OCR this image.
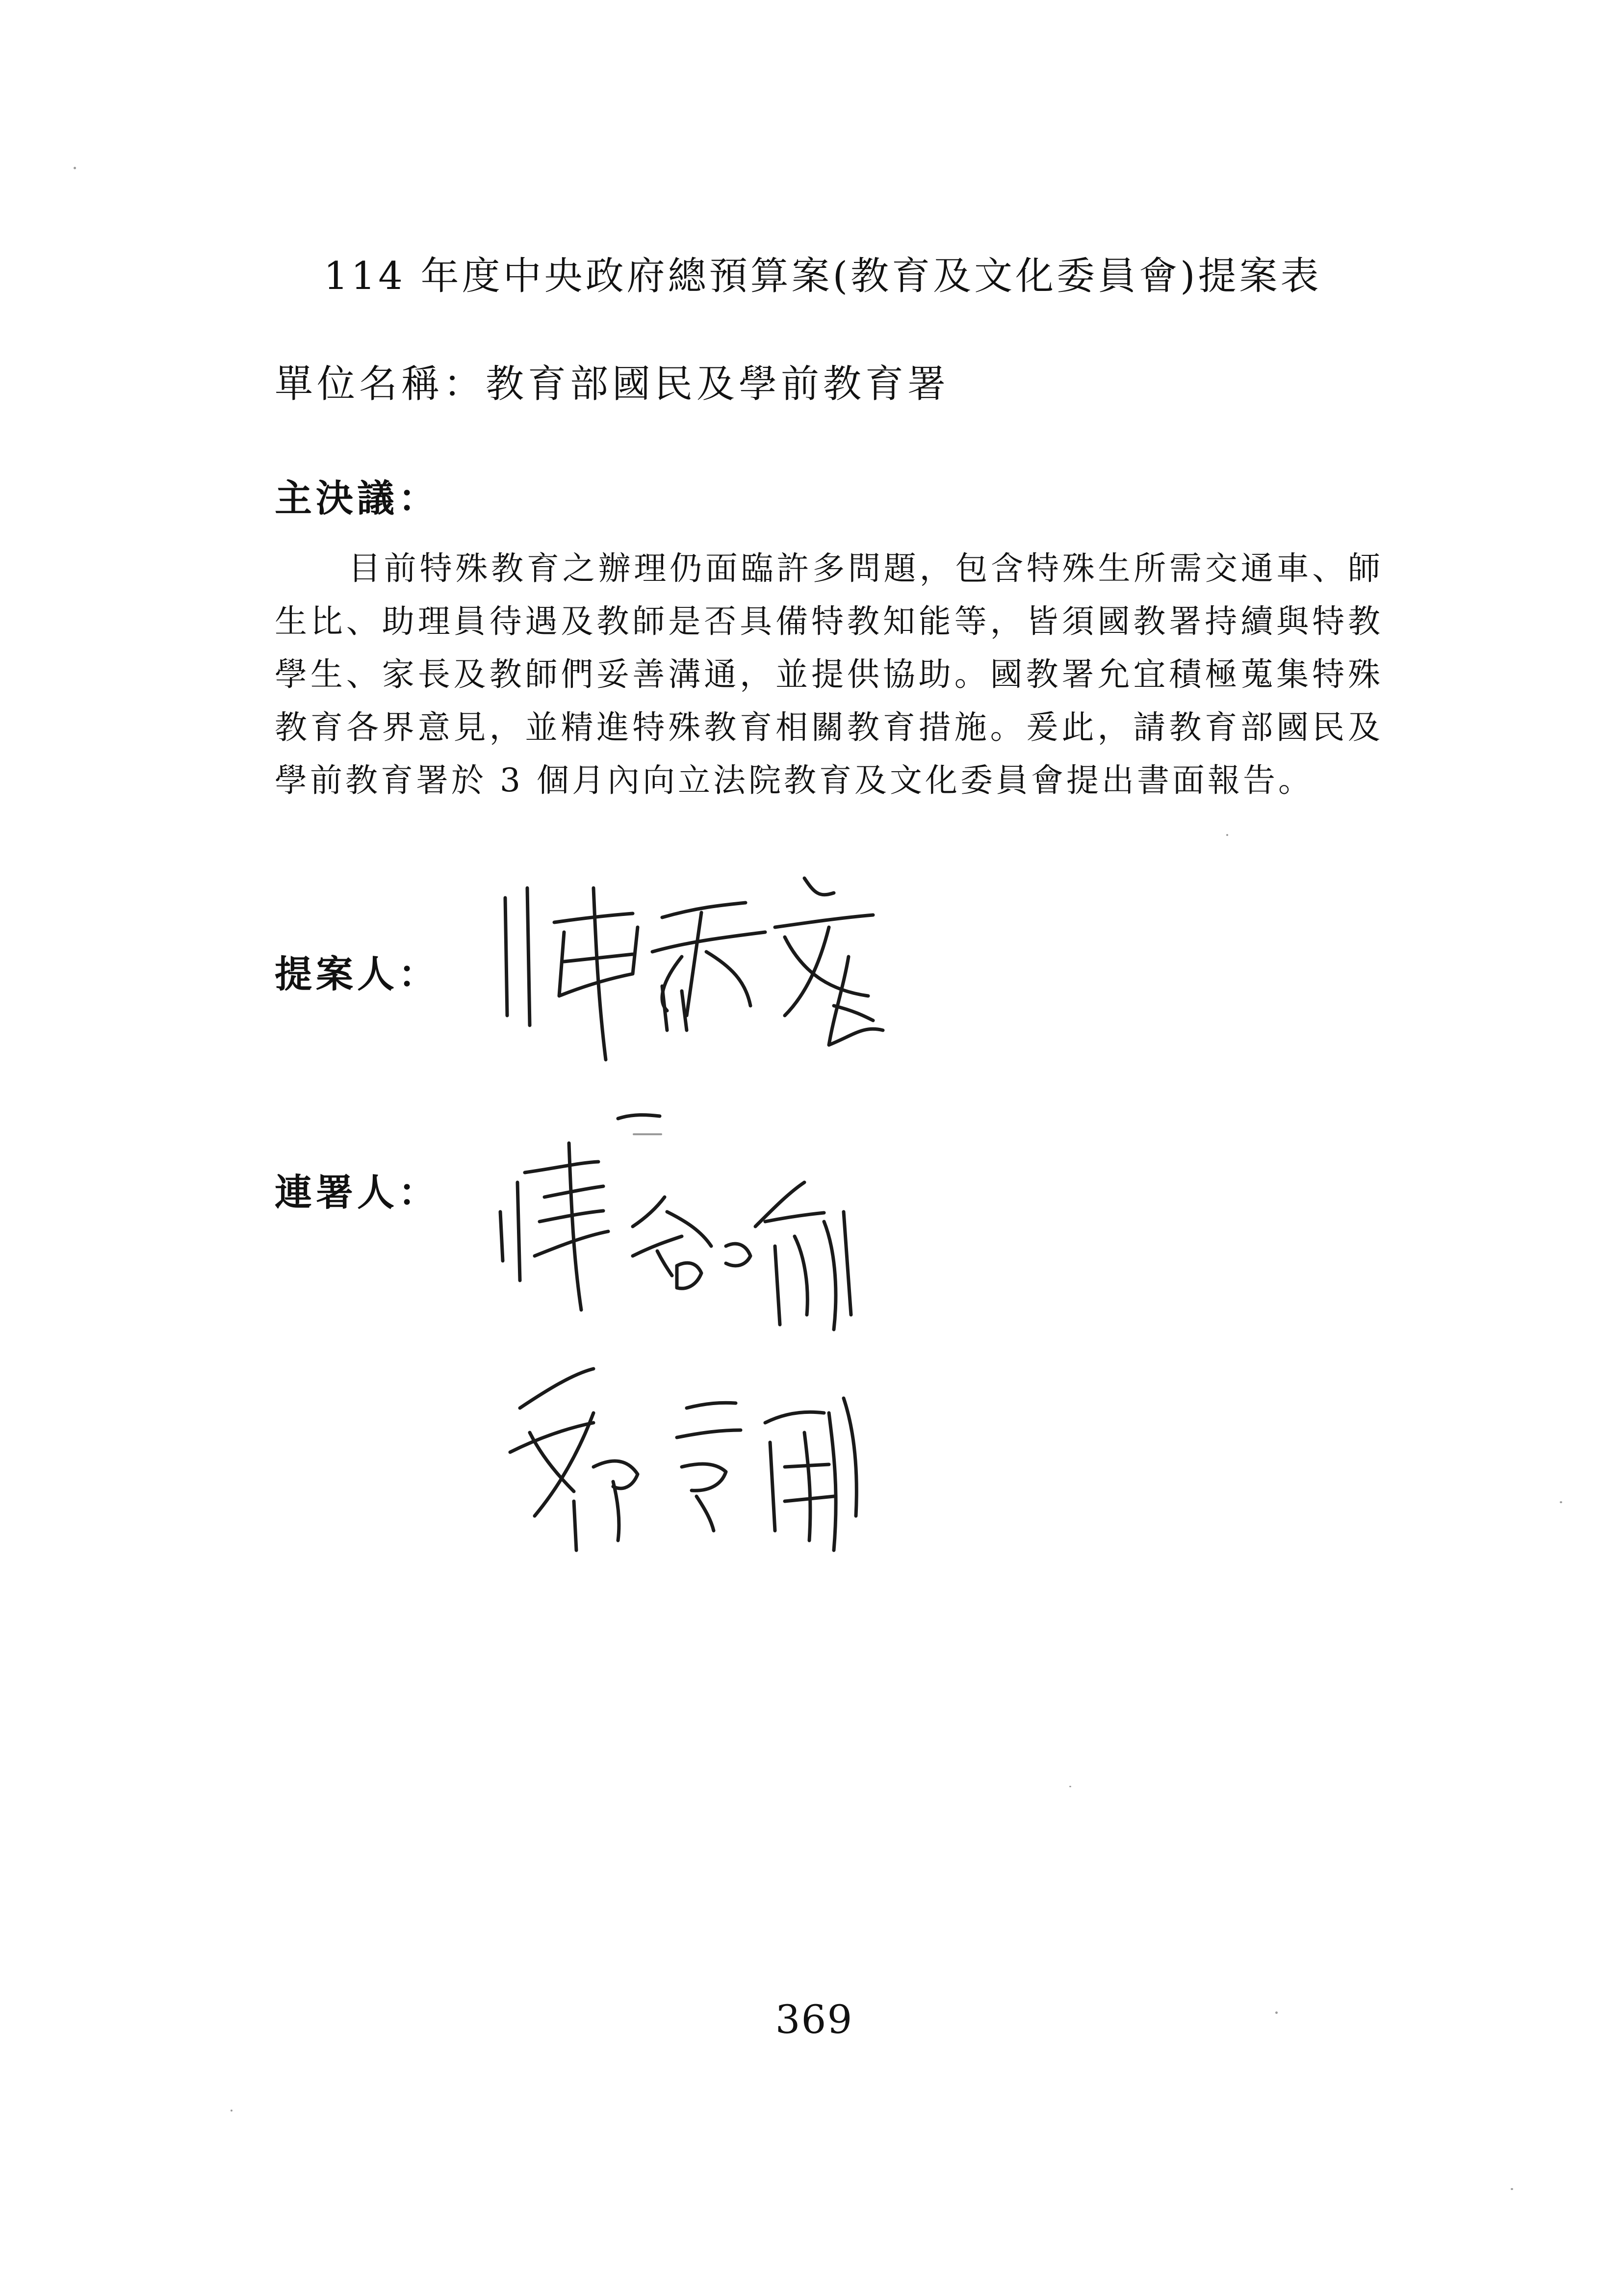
114 年度中央政府總預算案(教育及文化委員會)提案表
單位名稱：教育部國民及學前教育署
主決議：
目前特殊教育之辦理仍面臨許多問題，包含特殊生所需交通車、師生比、助理員待遇及教師是否具備特教知能等，皆須國教署持續與特教學生、家長及教師們妥善溝通，並提供協助。國教署允宜積極蒐集特殊教育各界意見，並精進特殊教育相關教育措施。爰此，請教育部國民及學前教育署於 3 個月內向立法院教育及文化委員會提出書面報告。
提案人：
連署人：
369
